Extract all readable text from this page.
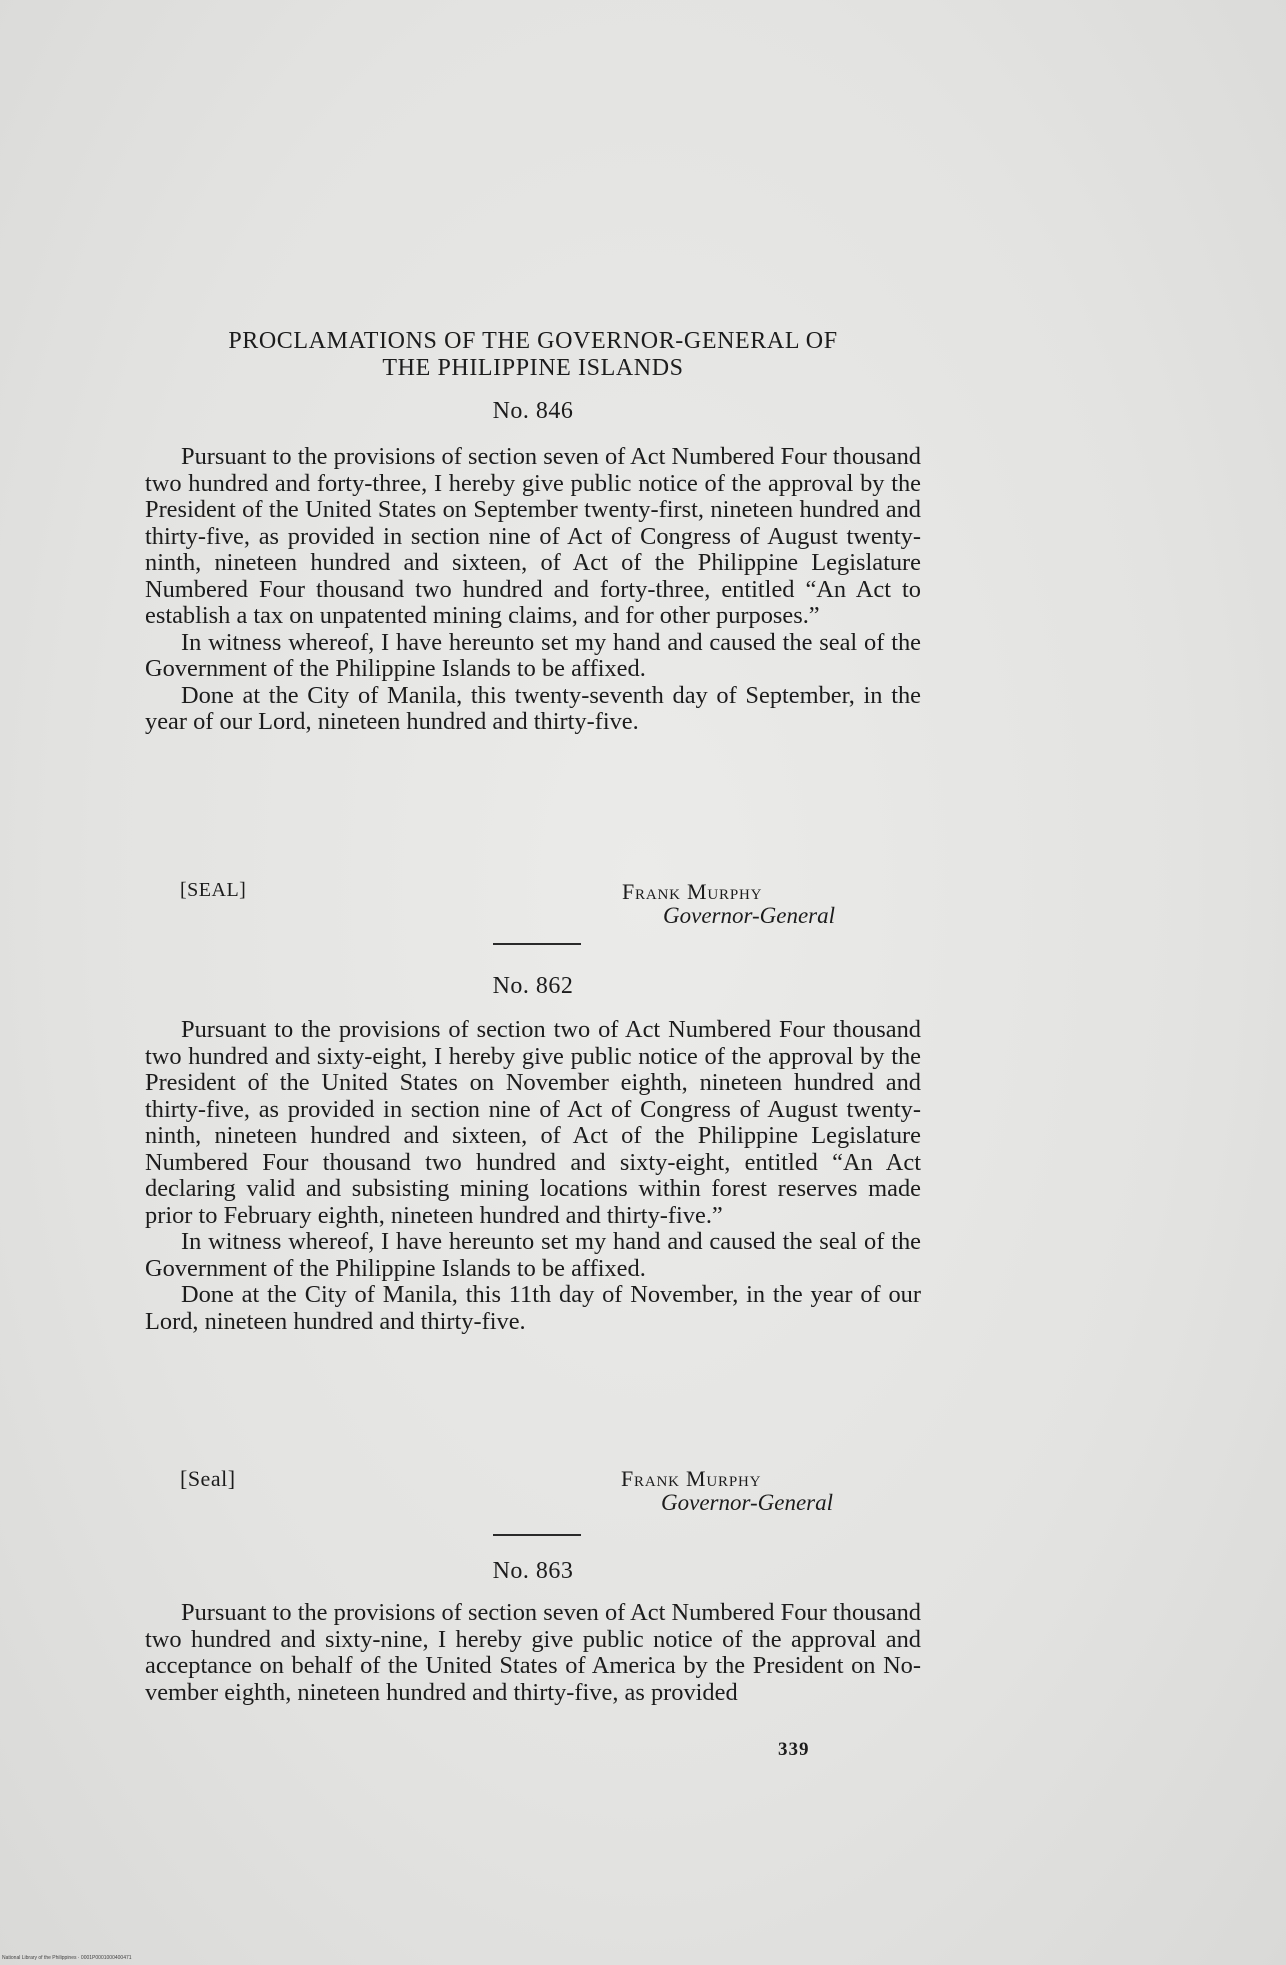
PROCLAMATIONS OF THE GOVERNOR-GENERAL OF
THE PHILIPPINE ISLANDS
No. 846

Pursuant to the provisions of section seven of Act Numbered Four thousand two hundred and forty-three, I hereby give public notice of the approval by the President of the United States on September twenty-first, nineteen hundred and thirty-five, as provided in section nine of Act of Congress of August twenty-ninth, nineteen hundred and sixteen, of Act of the Philippine Legislature Numbered Four thousand two hundred and forty-three, entitled “An Act to establish a tax on unpatented mining claims, and for other purposes.”

In witness whereof, I have hereunto set my hand and caused the seal of the Government of the Philippine Islands to be affixed.

Done at the City of Manila, this twenty-seventh day of September, in the year of our Lord, nineteen hundred and thirty-five.

[SEAL]	Frank Murphy
Governor-General
No. 862

Pursuant to the provisions of section two of Act Numbered Four thousand two hundred and sixty-eight, I hereby give public notice of the approval by the President of the United States on November eighth, nineteen hundred and thirty-five, as provided in section nine of Act of Congress of August twenty-ninth, nineteen hundred and sixteen, of Act of the Philippine Legislature Numbered Four thousand two hundred and sixty-eight, entitled “An Act declaring valid and subsisting mining locations within forest reserves made prior to February eighth, nineteen hundred and thirty-five.”

In witness whereof, I have hereunto set my hand and caused the seal of the Government of the Philippine Islands to be affixed.

Done at the City of Manila, this 11th day of November, in the year of our Lord, nineteen hundred and thirty-five.

[Seal]	Frank Murphy
Governor-General
No. 863

Pursuant to the provisions of section seven of Act Numbered Four thousand two hundred and sixty-nine, I hereby give public notice of the approval and acceptance on behalf of the United States of America by the President on November eighth, nineteen hundred and thirty-five, as provided

339
National Library of the Philippines · 0001P0001000400471
